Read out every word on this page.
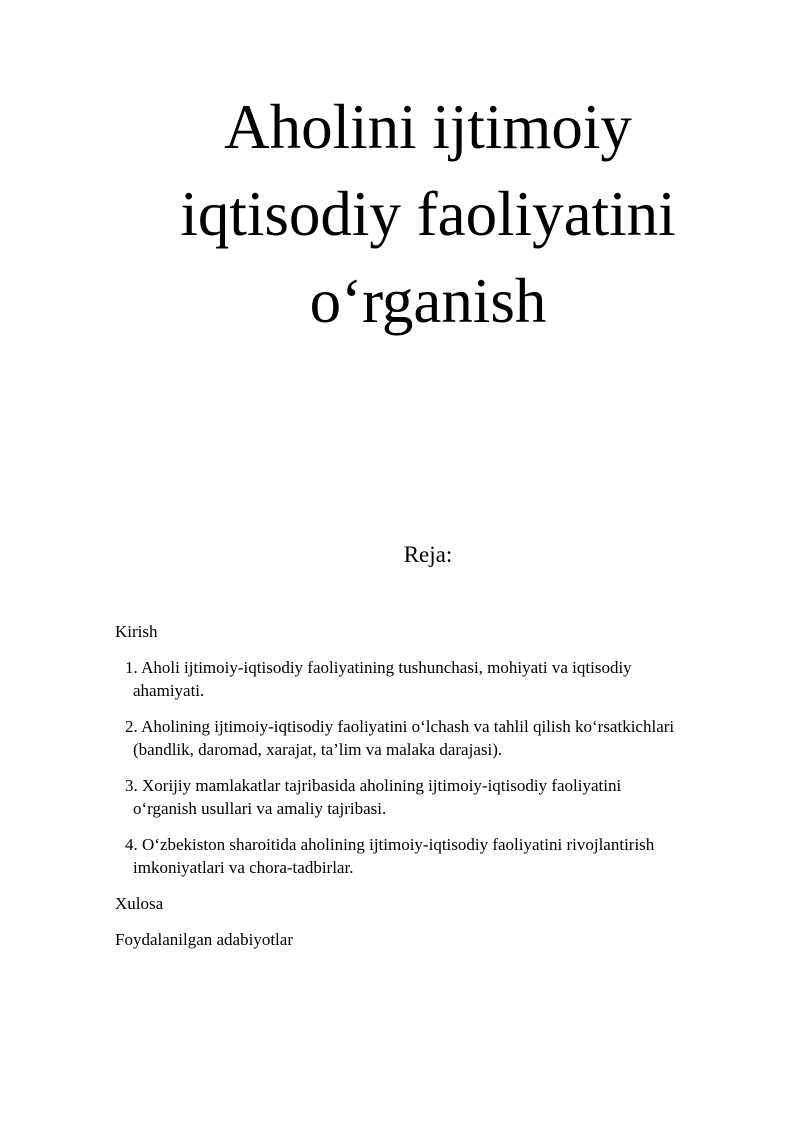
Aholini ijtimoiy
iqtisodiy faoliyatini
o‘rganish
Reja:
Kirish
1. Aholi ijtimoiy-iqtisodiy faoliyatining tushunchasi, mohiyati va iqtisodiy
ahamiyati.
2. Aholining ijtimoiy-iqtisodiy faoliyatini o‘lchash va tahlil qilish ko‘rsatkichlari
(bandlik, daromad, xarajat, ta’lim va malaka darajasi).
3. Xorijiy mamlakatlar tajribasida aholining ijtimoiy-iqtisodiy faoliyatini
o‘rganish usullari va amaliy tajribasi.
4. O‘zbekiston sharoitida aholining ijtimoiy-iqtisodiy faoliyatini rivojlantirish
imkoniyatlari va chora-tadbirlar.
Xulosa
Foydalanilgan adabiyotlar
